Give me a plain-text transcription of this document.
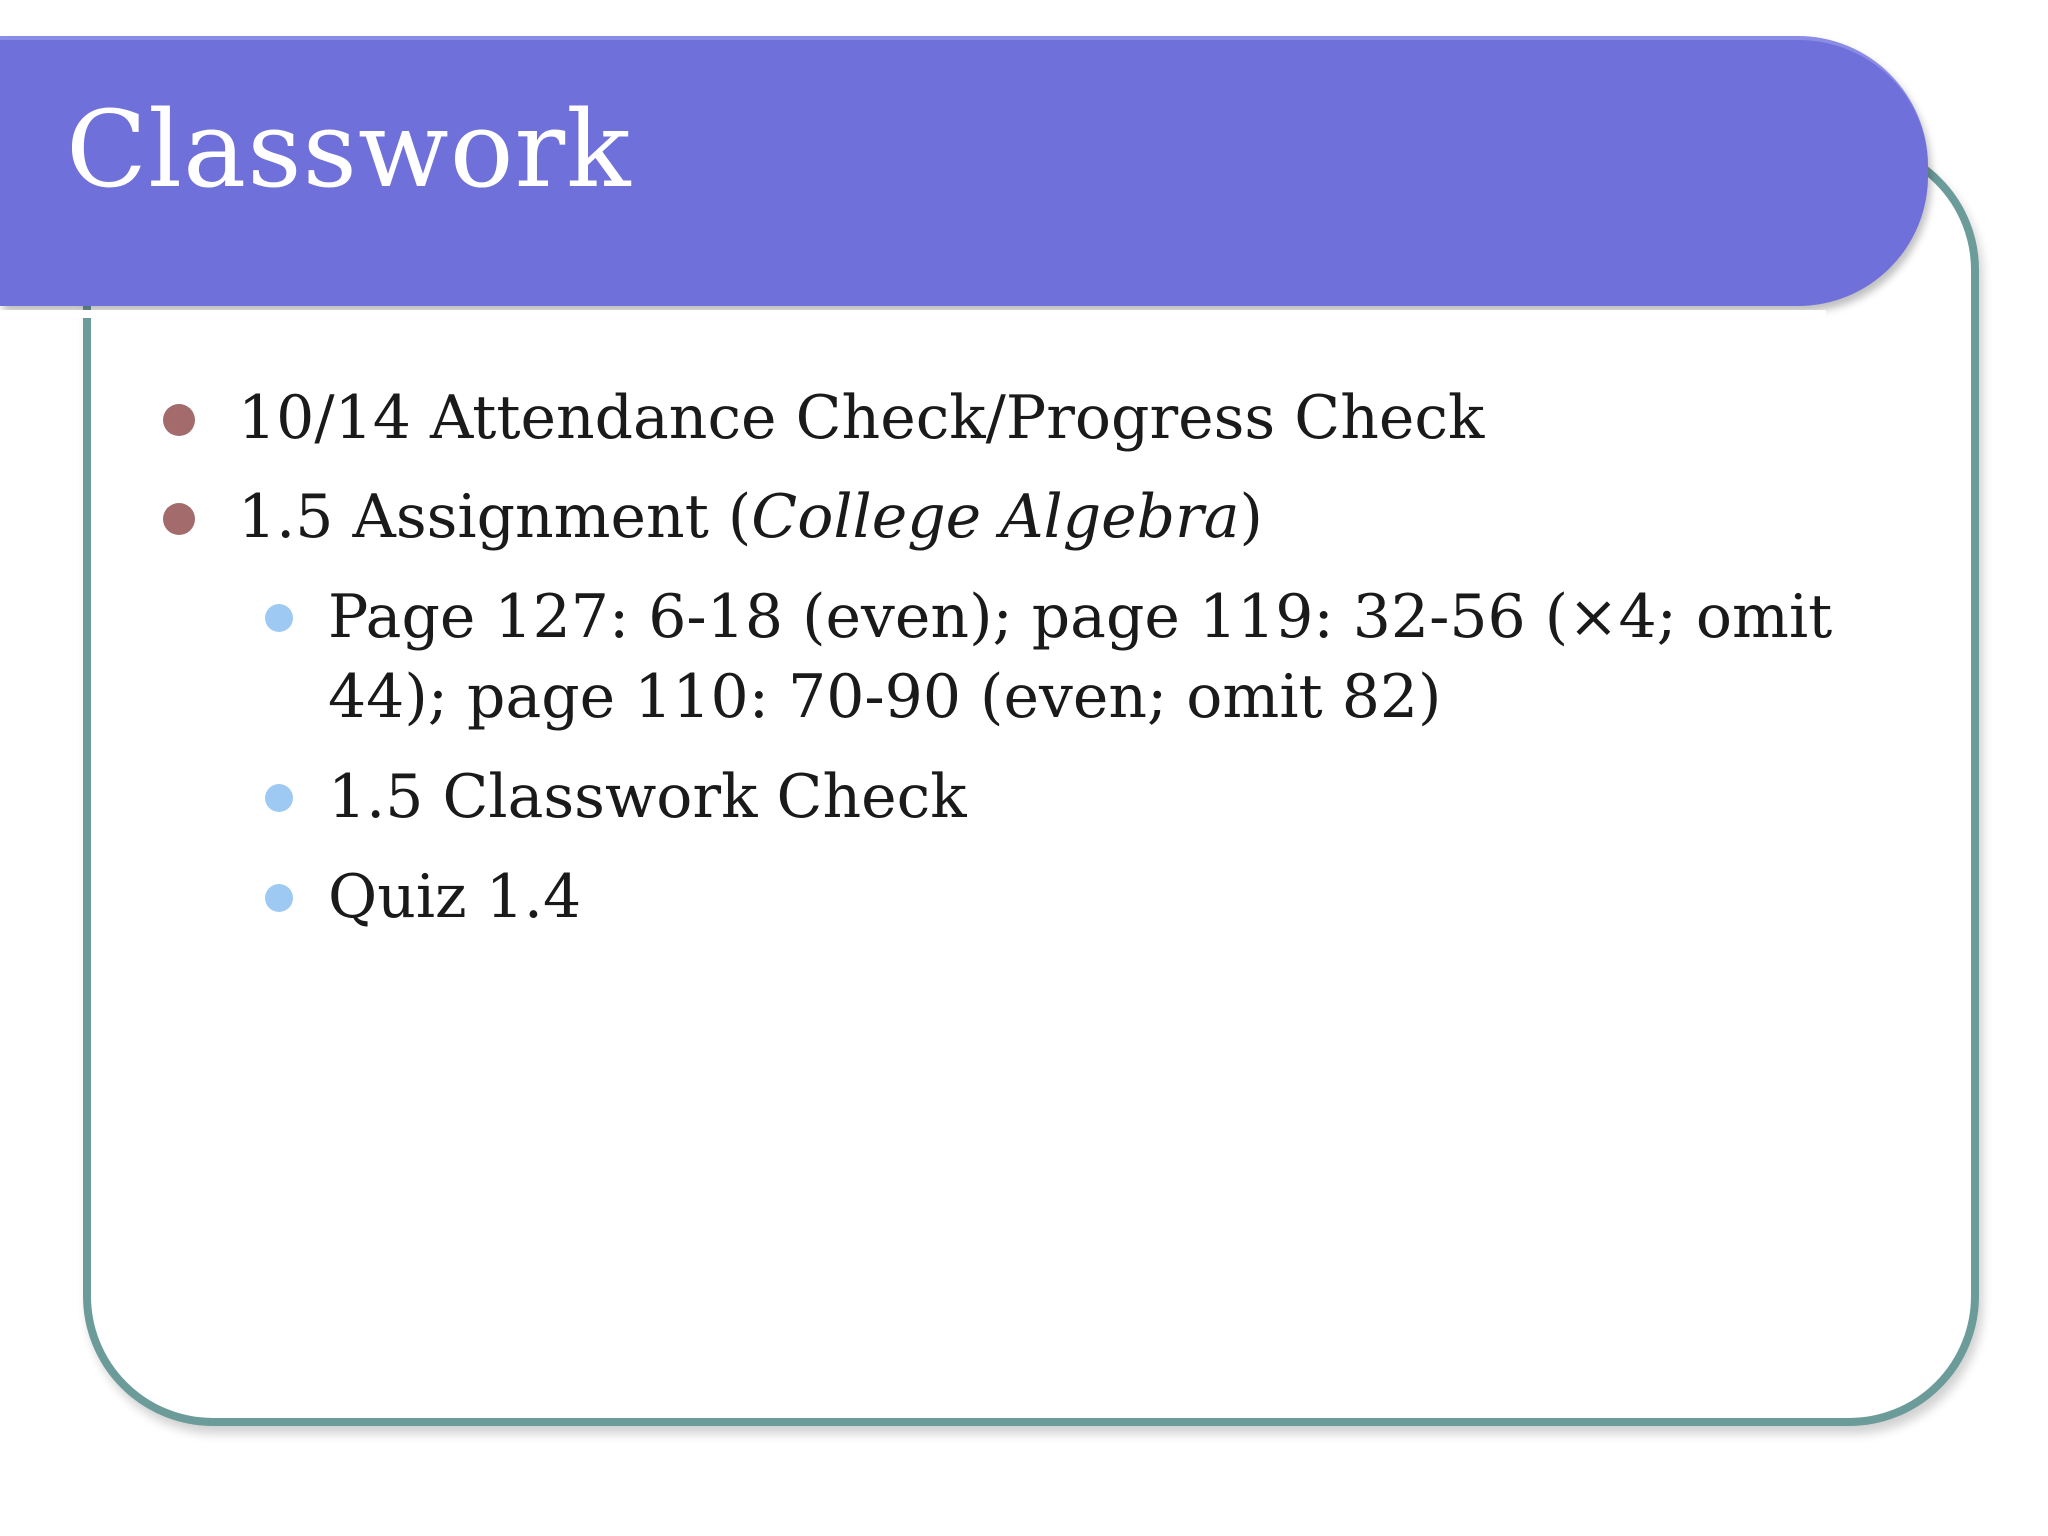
Classwork
10/14 Attendance Check/Progress Check
1.5 Assignment (College Algebra)
Page 127: 6-18 (even); page 119: 32-56 (×4; omit
44); page 110: 70-90 (even; omit 82)
1.5 Classwork Check
Quiz 1.4
